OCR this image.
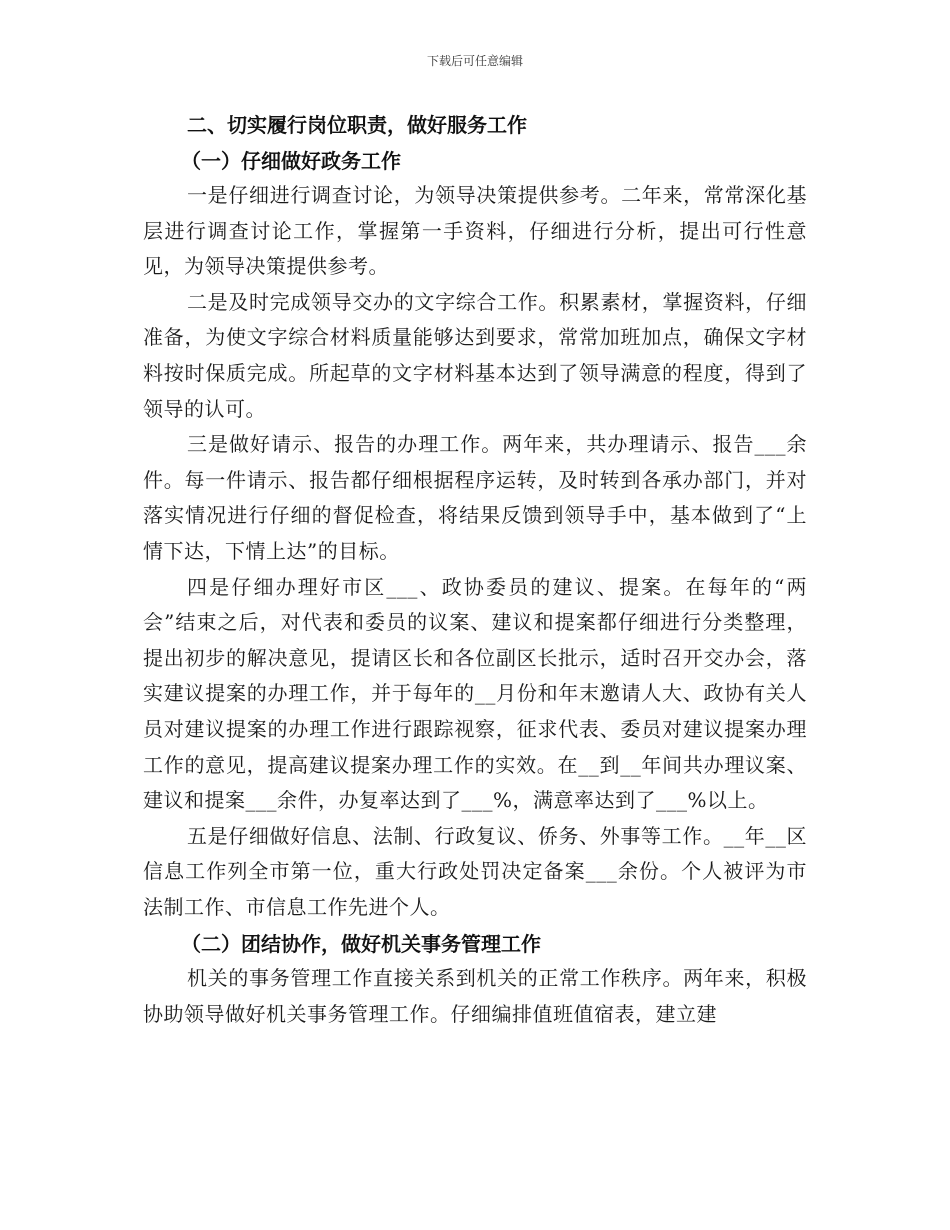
下载后可任意编辑
二、切实履行岗位职责，做好服务工作
（一）仔细做好政务工作

一是仔细进行调查讨论，为领导决策提供参考。二年来，常常深化基层进行调查讨论工作，掌握第一手资料，仔细进行分析，提出可行性意见，为领导决策提供参考。

二是及时完成领导交办的文字综合工作。积累素材，掌握资料，仔细准备，为使文字综合材料质量能够达到要求，常常加班加点，确保文字材料按时保质完成。所起草的文字材料基本达到了领导满意的程度，得到了领导的认可。

三是做好请示、报告的办理工作。两年来，共办理请示、报告___余件。每一件请示、报告都仔细根据程序运转，及时转到各承办部门，并对落实情况进行仔细的督促检查，将结果反馈到领导手中，基本做到了“上情下达，下情上达”的目标。

四是仔细办理好市区___、政协委员的建议、提案。在每年的“两会”结束之后，对代表和委员的议案、建议和提案都仔细进行分类整理，提出初步的解决意见，提请区长和各位副区长批示，适时召开交办会，落实建议提案的办理工作，并于每年的__月份和年末邀请人大、政协有关人员对建议提案的办理工作进行跟踪视察，征求代表、委员对建议提案办理工作的意见，提高建议提案办理工作的实效。在__到__年间共办理议案、建议和提案___余件，办复率达到了___%，满意率达到了___%以上。

五是仔细做好信息、法制、行政复议、侨务、外事等工作。__年__区信息工作列全市第一位，重大行政处罚决定备案___余份。个人被评为市法制工作、市信息工作先进个人。

（二）团结协作，做好机关事务管理工作

机关的事务管理工作直接关系到机关的正常工作秩序。两年来，积极协助领导做好机关事务管理工作。仔细编排值班值宿表，建立建
